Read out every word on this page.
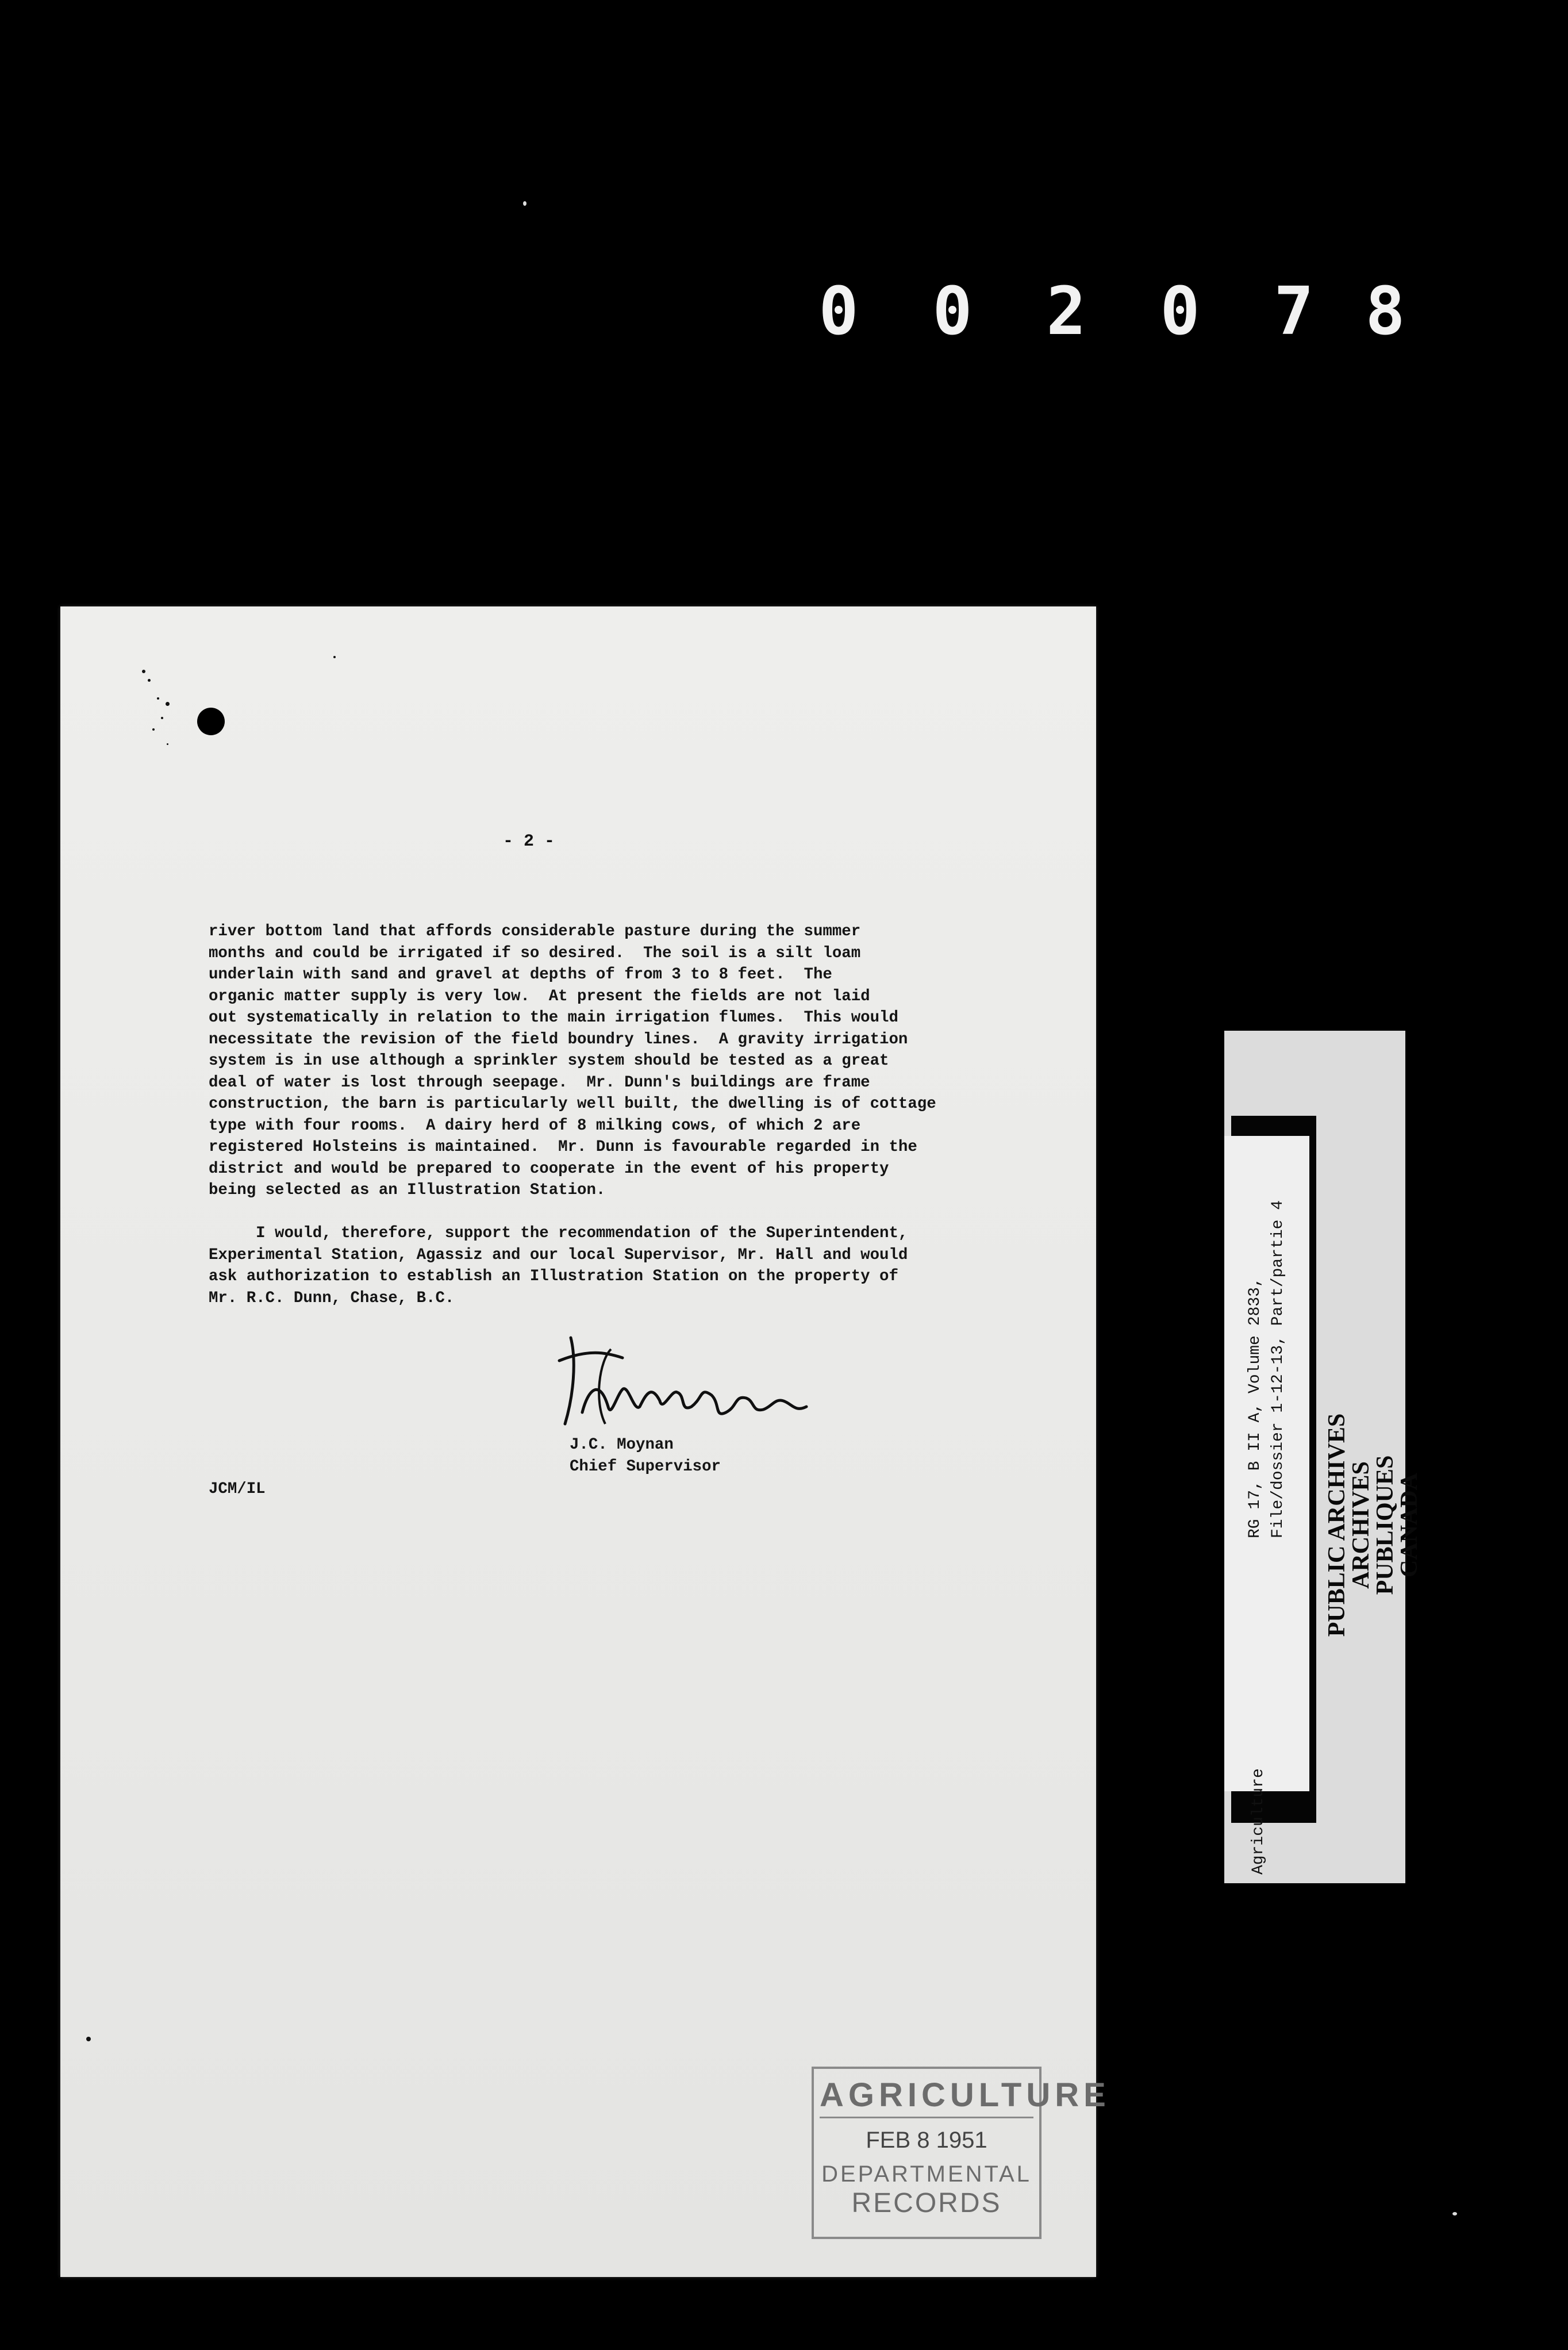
0 0 2 0 7 8
- 2 -
river bottom land that affords considerable pasture during the summer
months and could be irrigated if so desired.  The soil is a silt loam
underlain with sand and gravel at depths of from 3 to 8 feet.  The
organic matter supply is very low.  At present the fields are not laid
out systematically in relation to the main irrigation flumes.  This would
necessitate the revision of the field boundry lines.  A gravity irrigation
system is in use although a sprinkler system should be tested as a great
deal of water is lost through seepage.  Mr. Dunn's buildings are frame
construction, the barn is particularly well built, the dwelling is of cottage
type with four rooms.  A dairy herd of 8 milking cows, of which 2 are
registered Holsteins is maintained.  Mr. Dunn is favourable regarded in the
district and would be prepared to cooperate in the event of his property
being selected as an Illustration Station.
I would, therefore, support the recommendation of the Superintendent,
Experimental Station, Agassiz and our local Supervisor, Mr. Hall and would
ask authorization to establish an Illustration Station on the property of
Mr. R.C. Dunn, Chase, B.C.
J.C. Moynan
Chief Supervisor
JCM/IL
AGRICULTURE
FEB 8 1951
DEPARTMENTAL
RECORDS
Agriculture
RG 17, B II A, Volume 2833, File/dossier 1-12-13, Part/partie 4 PUBLIC ARCHIVES
ARCHIVES PUBLIQUES
CANADA
